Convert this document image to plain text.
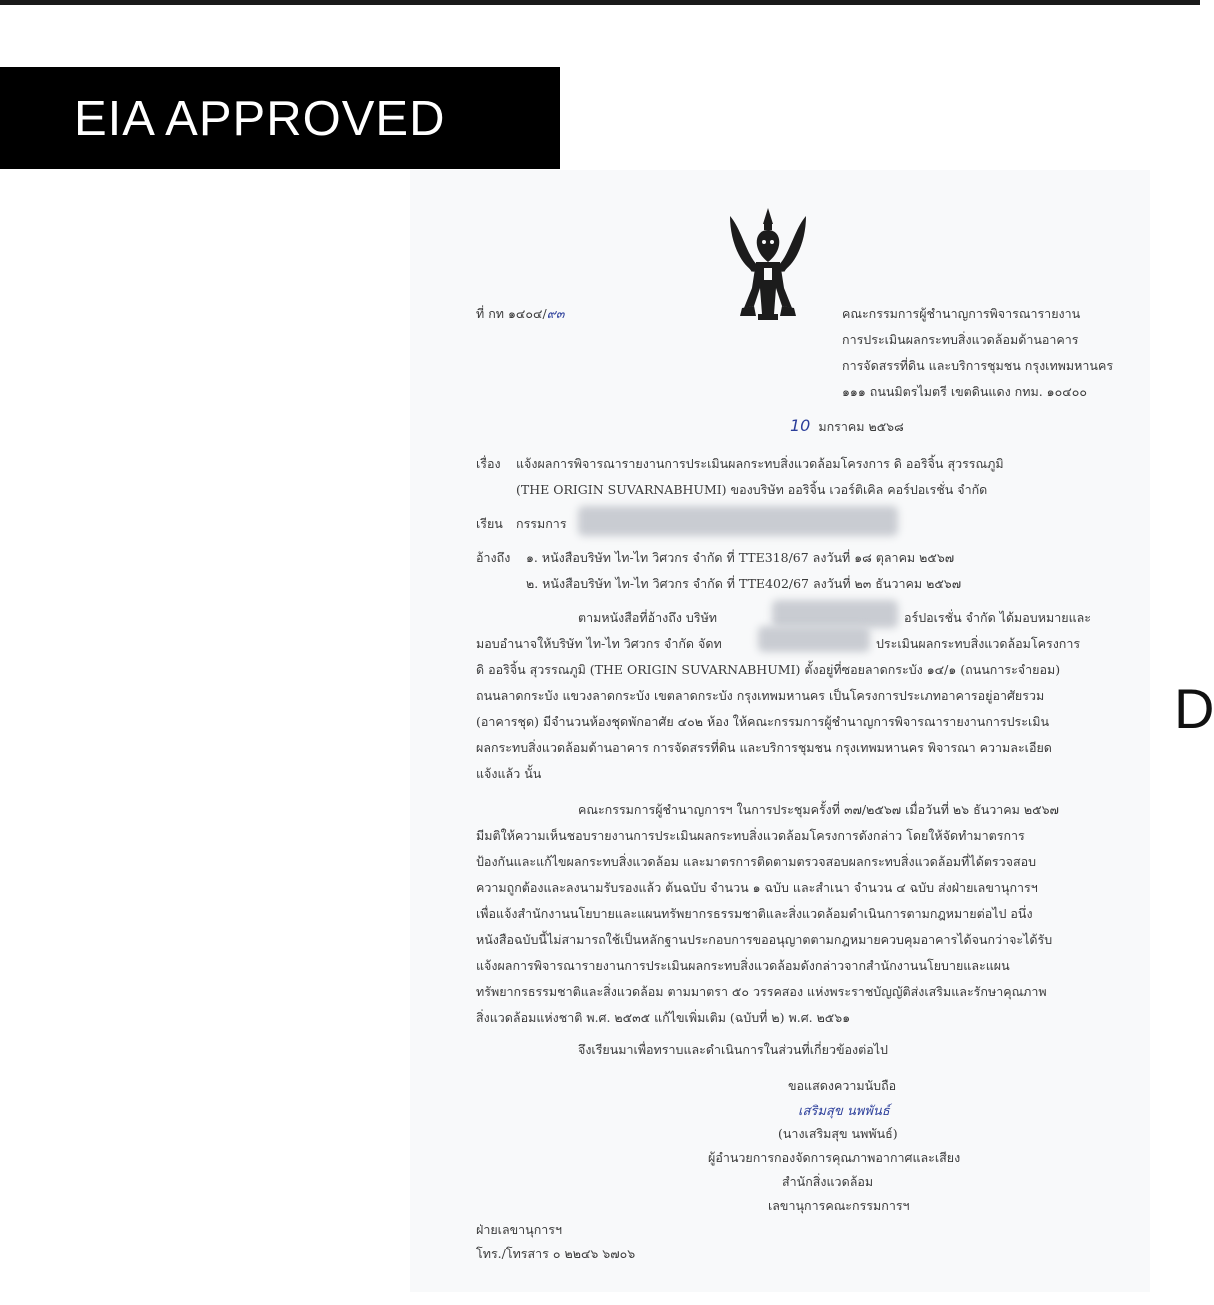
EIA APPROVED
D
ที่ กท ๑๔๐๔/๙๓	คณะกรรมการผู้ชำนาญการพิจารณารายงาน
การประเมินผลกระทบสิ่งแวดล้อมด้านอาคาร
การจัดสรรที่ดิน และบริการชุมชน กรุงเทพมหานคร
๑๑๑ ถนนมิตรไมตรี เขตดินแดง กทม. ๑๐๔๐๐
10 มกราคม ๒๕๖๘
เรื่อง แจ้งผลการพิจารณารายงานการประเมินผลกระทบสิ่งแวดล้อมโครงการ ดิ ออริจิ้น สุวรรณภูมิ
(THE ORIGIN SUVARNABHUMI) ของบริษัท ออริจิ้น เวอร์ติเคิล คอร์ปอเรชั่น จำกัด
เรียน กรรมการ
อ้างถึง ๑. หนังสือบริษัท ไท-ไท วิศวกร จำกัด ที่ TTE318/67 ลงวันที่ ๑๘ ตุลาคม ๒๕๖๗
๒. หนังสือบริษัท ไท-ไท วิศวกร จำกัด ที่ TTE402/67 ลงวันที่ ๒๓ ธันวาคม ๒๕๖๗
ตามหนังสือที่อ้างถึง บริษัท	อร์ปอเรชั่น จำกัด ได้มอบหมายและ
มอบอำนาจให้บริษัท ไท-ไท วิศวกร จำกัด จัดท	ประเมินผลกระทบสิ่งแวดล้อมโครงการ
ดิ ออริจิ้น สุวรรณภูมิ (THE ORIGIN SUVARNABHUMI) ตั้งอยู่ที่ซอยลาดกระบัง ๑๔/๑ (ถนนการะจำยอม)
ถนนลาดกระบัง แขวงลาดกระบัง เขตลาดกระบัง กรุงเทพมหานคร เป็นโครงการประเภทอาคารอยู่อาศัยรวม
(อาคารชุด) มีจำนวนห้องชุดพักอาศัย ๔๐๒ ห้อง ให้คณะกรรมการผู้ชำนาญการพิจารณารายงานการประเมิน
ผลกระทบสิ่งแวดล้อมด้านอาคาร การจัดสรรที่ดิน และบริการชุมชน กรุงเทพมหานคร พิจารณา ความละเอียด
แจ้งแล้ว นั้น
คณะกรรมการผู้ชำนาญการฯ ในการประชุมครั้งที่ ๓๗/๒๕๖๗ เมื่อวันที่ ๒๖ ธันวาคม ๒๕๖๗
มีมติให้ความเห็นชอบรายงานการประเมินผลกระทบสิ่งแวดล้อมโครงการดังกล่าว โดยให้จัดทำมาตรการ
ป้องกันและแก้ไขผลกระทบสิ่งแวดล้อม และมาตรการติดตามตรวจสอบผลกระทบสิ่งแวดล้อมที่ได้ตรวจสอบ
ความถูกต้องและลงนามรับรองแล้ว ต้นฉบับ จำนวน ๑ ฉบับ และสำเนา จำนวน ๔ ฉบับ ส่งฝ่ายเลขานุการฯ
เพื่อแจ้งสำนักงานนโยบายและแผนทรัพยากรธรรมชาติและสิ่งแวดล้อมดำเนินการตามกฎหมายต่อไป อนึ่ง
หนังสือฉบับนี้ไม่สามารถใช้เป็นหลักฐานประกอบการขออนุญาตตามกฎหมายควบคุมอาคารได้จนกว่าจะได้รับ
แจ้งผลการพิจารณารายงานการประเมินผลกระทบสิ่งแวดล้อมดังกล่าวจากสำนักงานนโยบายและแผน
ทรัพยากรธรรมชาติและสิ่งแวดล้อม ตามมาตรา ๕๐ วรรคสอง แห่งพระราชบัญญัติส่งเสริมและรักษาคุณภาพ
สิ่งแวดล้อมแห่งชาติ พ.ศ. ๒๕๓๕ แก้ไขเพิ่มเติม (ฉบับที่ ๒) พ.ศ. ๒๕๖๑
จึงเรียนมาเพื่อทราบและดำเนินการในส่วนที่เกี่ยวข้องต่อไป
ขอแสดงความนับถือ
เสริมสุข นพพันธ์
(นางเสริมสุข นพพันธ์)
ผู้อำนวยการกองจัดการคุณภาพอากาศและเสียง
สำนักสิ่งแวดล้อม
เลขานุการคณะกรรมการฯ
ฝ่ายเลขานุการฯ
โทร./โทรสาร ๐ ๒๒๔๖ ๖๗๐๖
